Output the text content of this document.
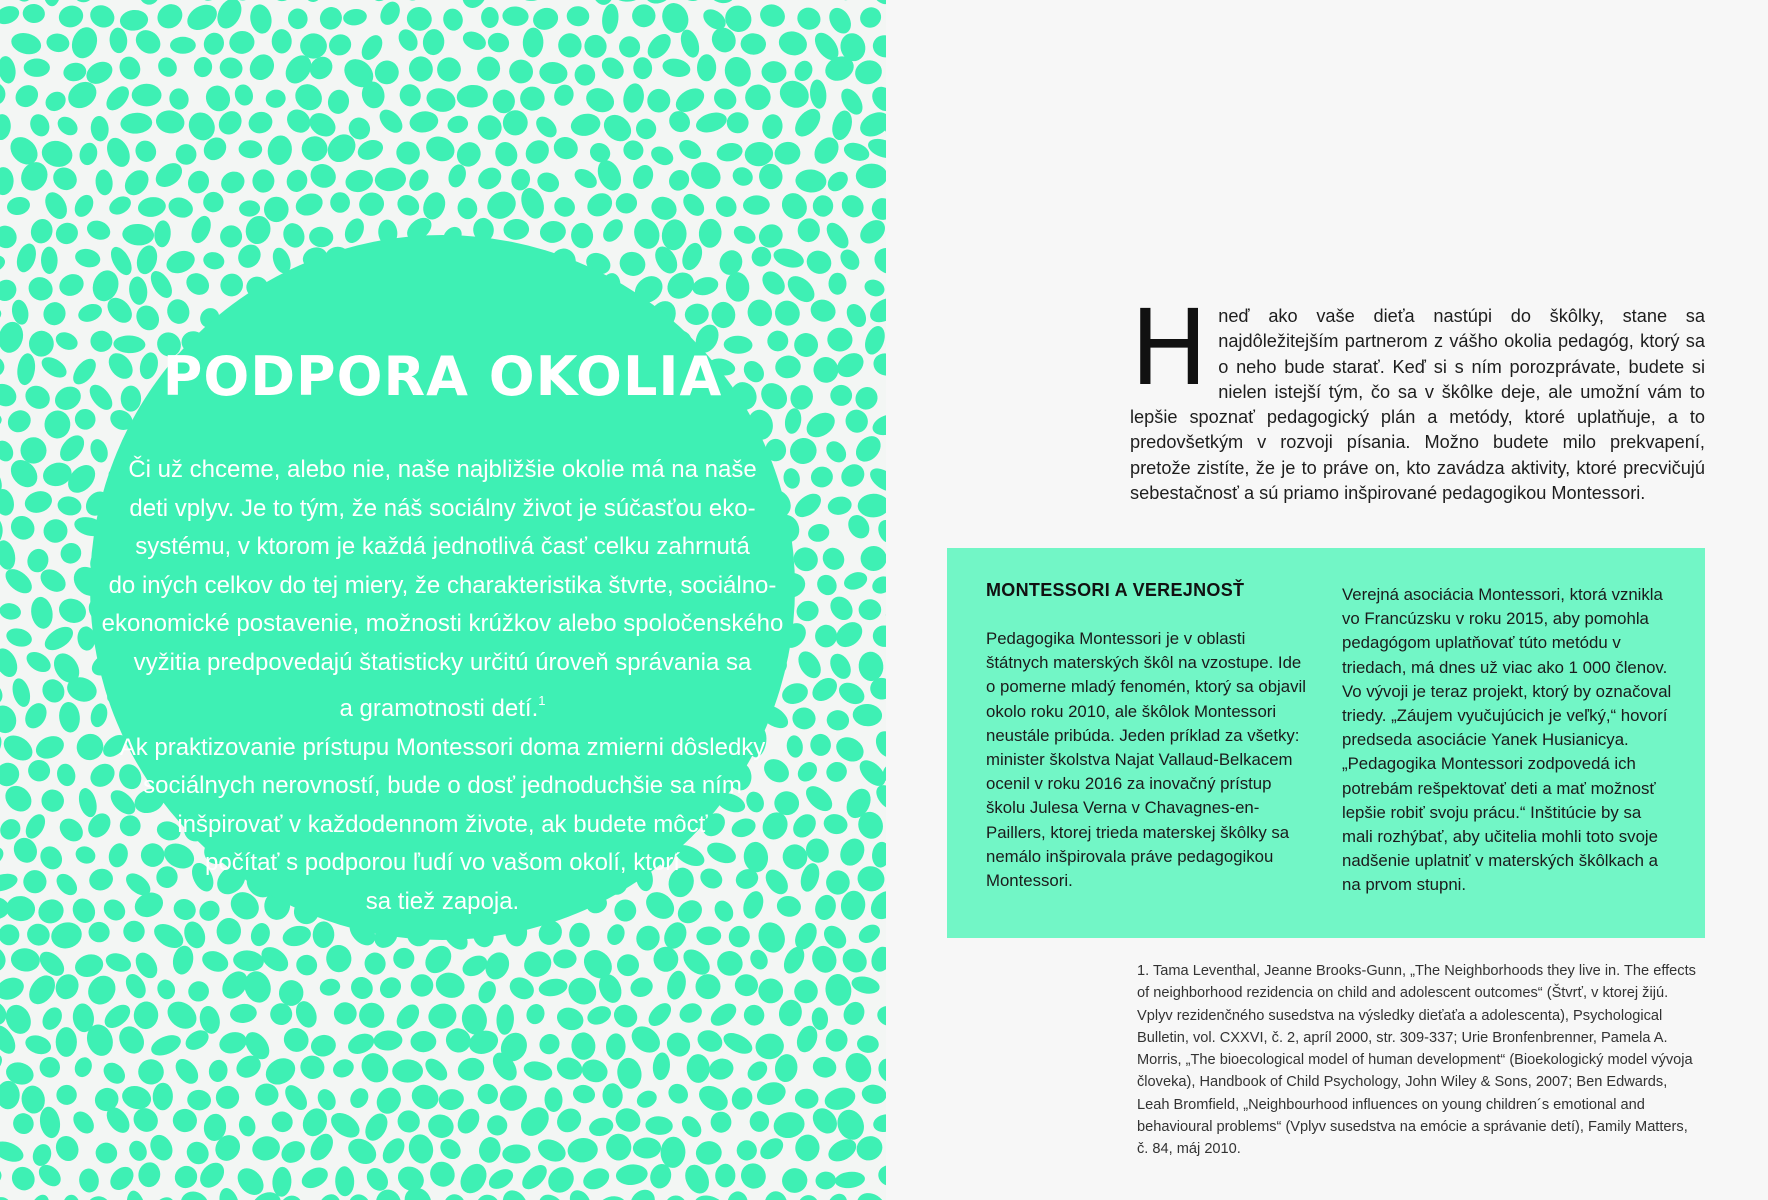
PODPORA OKOLIA
Či už chceme, alebo nie, naše najbližšie okolie má na naše
deti vplyv. Je to tým, že náš sociálny život je súčasťou eko-
systému, v ktorom je každá jednotlivá časť celku zahrnutá
do iných celkov do tej miery, že charakteristika štvrte, sociálno-
ekonomické postavenie, možnosti krúžkov alebo spoločenského
vyžitia predpovedajú štatisticky určitú úroveň správania sa
a gramotnosti detí.$^1$
Ak praktizovanie prístupu Montessori doma zmierni dôsledky
sociálnych nerovností, bude o dosť jednoduchšie sa ním
inšpirovať v každodennom živote, ak budete môcť
počítať s podporou ľudí vo vašom okolí, ktorí
sa tiež zapoja.
H neď ako vaše dieťa nastúpi do škôlky, stane sa najdôležitejším partnerom z vášho okolia pedagóg, ktorý sa o neho bude starať. Keď si s ním porozprávate, budete si nielen istejší tým, čo sa v škôlke deje, ale umožní vám to lepšie spoznať pedagogický plán a metódy, ktoré uplatňuje, a to predovšetkým v rozvoji písania. Možno budete milo prekvapení, pretože zistíte, že je to práve on, kto zavádza aktivity, ktoré precvičujú sebestačnosť a sú priamo inšpirované pedagogikou Montessori.

MONTESSORI A VEREJNOSŤ

Pedagogika Montessori je v oblasti štátnych materských škôl na vzostupe. Ide o pomerne mladý fenomén, ktorý sa objavil okolo roku 2010, ale škôlok Montessori neustále pribúda. Jeden príklad za všetky: minister školstva Najat Vallaud-Belkacem ocenil v roku 2016 za inovačný prístup školu Julesa Verna v Chavagnes-en-Paillers, ktorej trieda materskej škôlky sa nemálo inšpirovala práve pedagogikou Montessori.

Verejná asociácia Montessori, ktorá vznikla vo Francúzsku v roku 2015, aby pomohla pedagógom uplatňovať túto metódu v triedach, má dnes už viac ako 1 000 členov. Vo vývoji je teraz projekt, ktorý by označoval triedy. „Záujem vyučujúcich je veľký,“ hovorí predseda asociácie Yanek Husianicya. „Pedagogika Montessori zodpovedá ich potrebám rešpektovať deti a mať možnosť lepšie robiť svoju prácu.“ Inštitúcie by sa mali rozhýbať, aby učitelia mohli toto svoje nadšenie uplatniť v materských škôlkach a na prvom stupni.

1. Tama Leventhal, Jeanne Brooks-Gunn, „The Neighborhoods they live in. The effects of neighborhood rezidencia on child and adolescent outcomes“ (Štvrť, v ktorej žijú. Vplyv rezidenčného susedstva na výsledky dieťaťa a adolescenta), Psychological Bulletin, vol. CXXVI, č. 2, apríl 2000, str. 309-337; Urie Bronfenbrenner, Pamela A. Morris, „The bioecological model of human development“ (Bioekologický model vývoja človeka), Handbook of Child Psychology, John Wiley & Sons, 2007; Ben Edwards, Leah Bromfield, „Neighbourhood influences on young children´s emotional and behavioural problems“ (Vplyv susedstva na emócie a správanie detí), Family Matters, č. 84, máj 2010.
